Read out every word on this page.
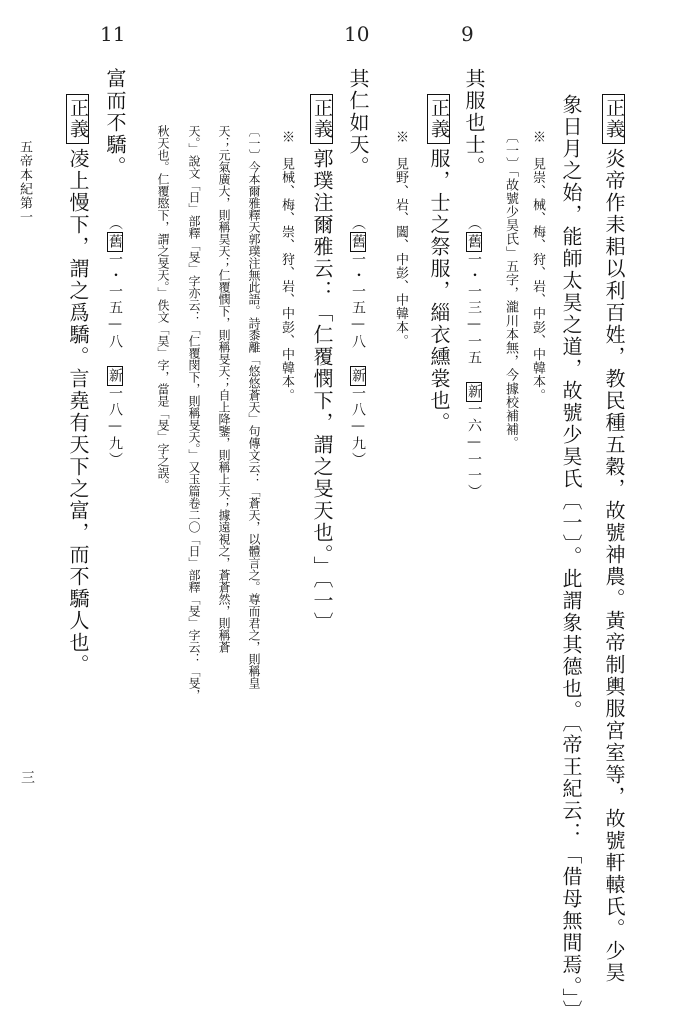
9
10
11
正義炎帝作耒耜以利百姓，教民種五穀，故號神農。黃帝制輿服宮室等，故號軒轅氏。少昊
象日月之始，能師太昊之道，故號少昊氏〔一〕。此謂象其德也。〔帝王紀云：「借母無間焉。」〕
※　見崇、械、梅、狩、岩、中彭、中韓本。
〔一〕「故號少昊氏」五字，瀧川本無，今據校補補。
其服也士。 （舊一・一三—一五　新一六—一一）
正義服，士之祭服，緇衣纁裳也。
※　見野、岩、闔、中彭、中韓本。
其仁如天。 （舊一・一五—八　新一八—九）
正義郭璞注爾雅云：「仁覆憫下，謂之旻天也。」〔一〕
※　見械、梅、崇、狩、岩、中彭、中韓本。
〔一〕今本爾雅釋天郭璞注無此語。詩黍離「悠悠蒼天」句傳文云：「蒼天，以體言之。尊而君之，則稱皇
天；元氣廣大，則稱昊天；仁覆憫下，則稱旻天；自上降鑒，則稱上天；據遠視之，蒼蒼然，則稱蒼
天。」說文「日」部釋「旻」字亦云：「仁覆閔下，則稱旻天。」又玉篇卷二〇「日」部釋「旻」字云：「旻，
秋天也。仁覆愍下，謂之旻天。」佚文「昊」字，當是「旻」字之誤。
富而不驕。 （舊一・一五—八　新一八—九）
正義凌上慢下，謂之爲驕。言堯有天下之富，而不驕人也。
五帝本紀第一
三
